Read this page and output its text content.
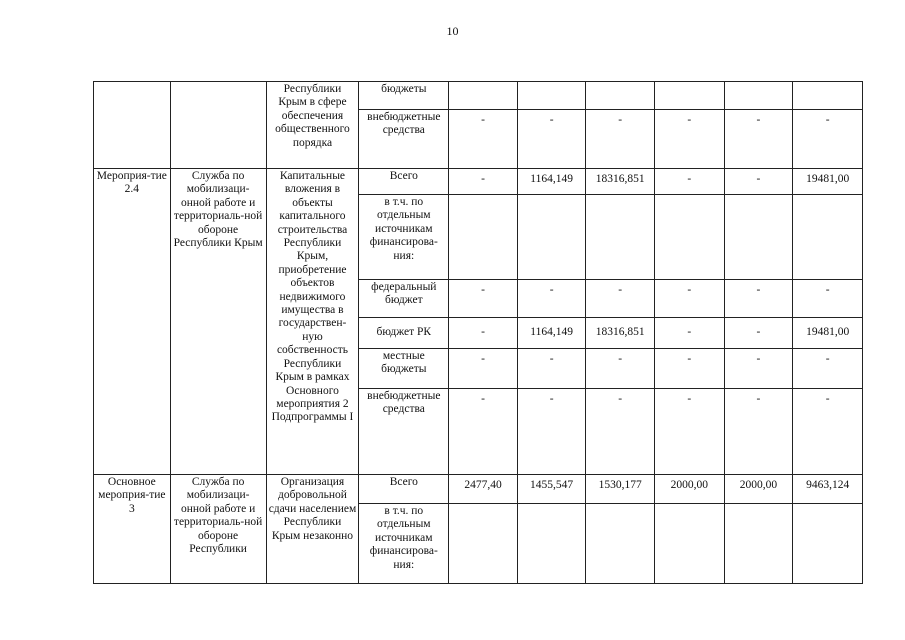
10
		Республики Крым в сфере обеспечения общественного порядка	бюджеты						
			внебюджетные средства	-	-	-	-	-	-
Мероприя-тие 2.4	Служба по мобилизаци-онной работе и территориаль-ной обороне Республики Крым	Капитальные вложения в объекты капитального строительства Республики Крым, приобретение объектов недвижимого имущества в государствен-ную собственность Республики Крым в рамках Основного мероприятия 2 Подпрограммы I	Всего	-	1164,149	18316,851	-	-	19481,00
			в т.ч. по отдельным источникам финансирова-ния:						
			федеральный бюджет	-	-	-	-	-	-
			бюджет РК	-	1164,149	18316,851	-	-	19481,00
			местные бюджеты	-	-	-	-	-	-
			внебюджетные средства	-	-	-	-	-	-
Основное мероприя-тие 3	Служба по мобилизаци-онной работе и территориаль-ной обороне Республики	Организация добровольной сдачи населением Республики Крым незаконно	Всего	2477,40	1455,547	1530,177	2000,00	2000,00	9463,124
			в т.ч. по отдельным источникам финансирова-ния:						
